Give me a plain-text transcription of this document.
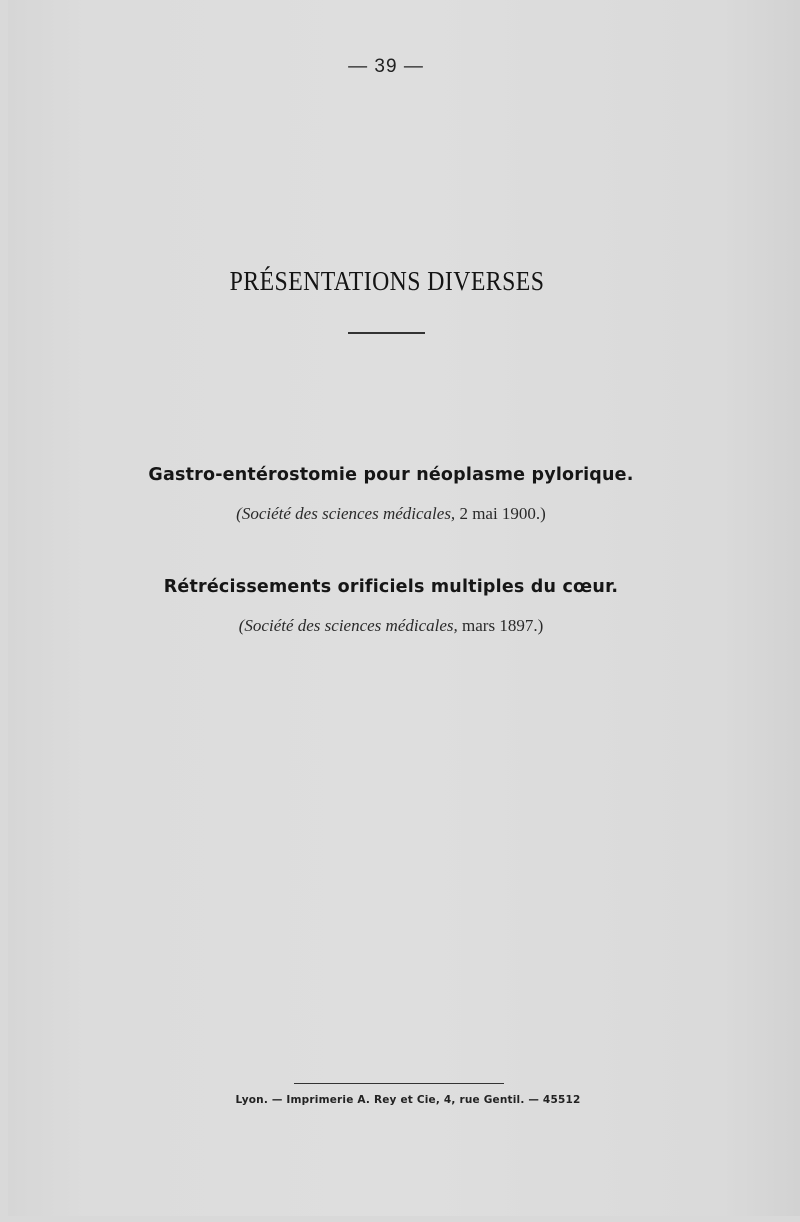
— 39 —
PRÉSENTATIONS DIVERSES
Gastro-entérostomie pour néoplasme pylorique.
(Société des sciences médicales, 2 mai 1900.)
Rétrécissements orificiels multiples du cœur.
(Société des sciences médicales, mars 1897.)
Lyon. — Imprimerie A. Rey et Cie, 4, rue Gentil. — 45512
